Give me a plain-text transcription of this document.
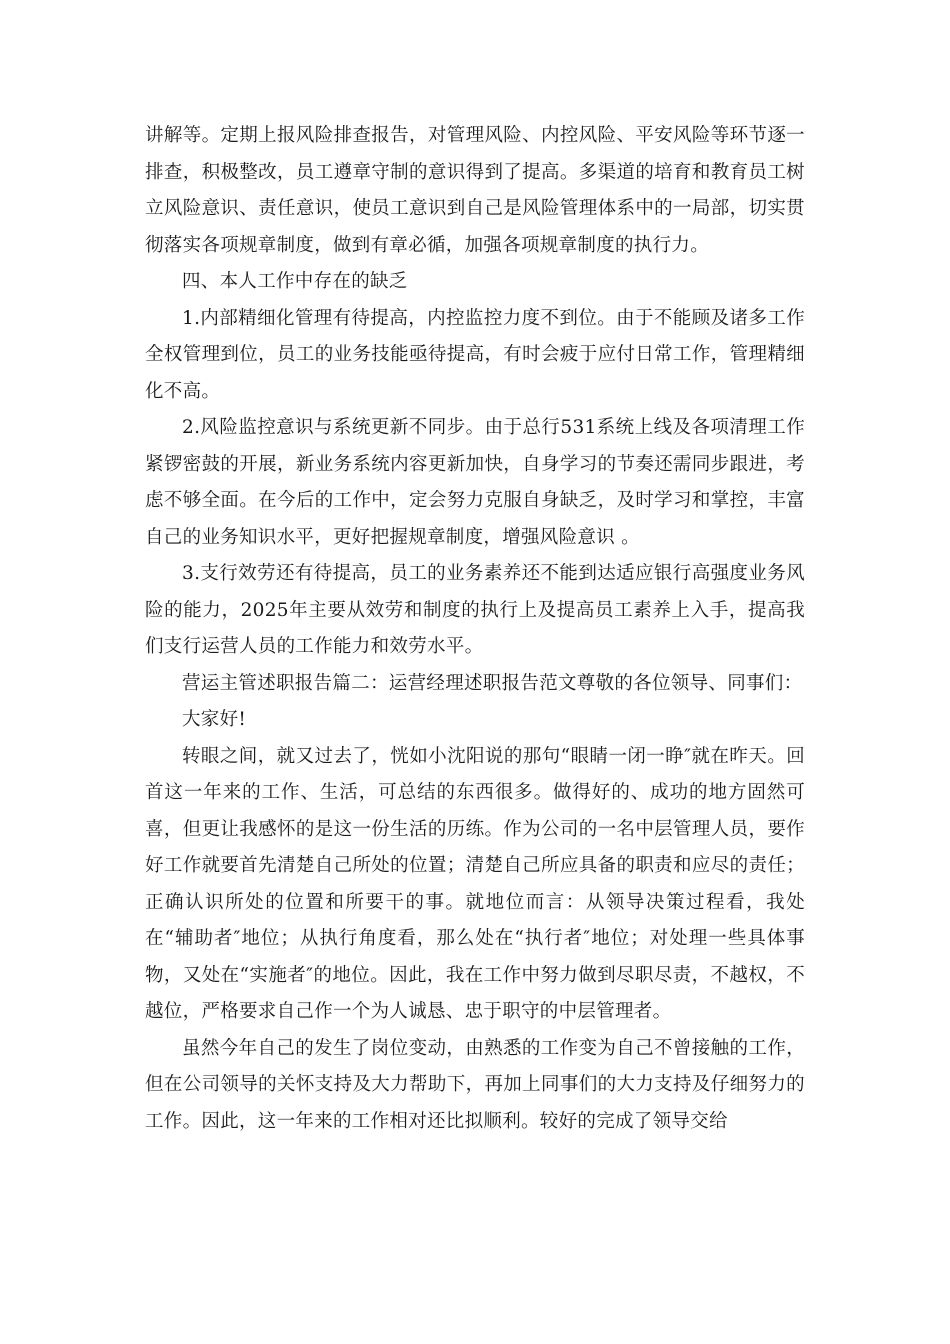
讲解等。定期上报风险排查报告，对管理风险、内控风险、平安风险等环节逐一排查，积极整改，员工遵章守制的意识得到了提高。多渠道的培育和教育员工树立风险意识、责任意识，使员工意识到自己是风险管理体系中的一局部，切实贯彻落实各项规章制度，做到有章必循，加强各项规章制度的执行力。

四、本人工作中存在的缺乏

1.内部精细化管理有待提高，内控监控力度不到位。由于不能顾及诸多工作全权管理到位，员工的业务技能亟待提高，有时会疲于应付日常工作，管理精细化不高。

2.风险监控意识与系统更新不同步。由于总行531系统上线及各项清理工作紧锣密鼓的开展，新业务系统内容更新加快，自身学习的节奏还需同步跟进，考虑不够全面。在今后的工作中，定会努力克服自身缺乏，及时学习和掌控，丰富自己的业务知识水平，更好把握规章制度，增强风险意识 。

3.支行效劳还有待提高，员工的业务素养还不能到达适应银行高强度业务风险的能力，2025年主要从效劳和制度的执行上及提高员工素养上入手，提高我们支行运营人员的工作能力和效劳水平。

营运主管述职报告篇二：运营经理述职报告范文尊敬的各位领导、同事们：

大家好!

转眼之间，就又过去了，恍如小沈阳说的那句“眼睛一闭一睁″就在昨天。回首这一年来的工作、生活，可总结的东西很多。做得好的、成功的地方固然可喜，但更让我感怀的是这一份生活的历练。作为公司的一名中层管理人员，要作好工作就要首先清楚自己所处的位置；清楚自己所应具备的职责和应尽的责任；正确认识所处的位置和所要干的事。就地位而言：从领导决策过程看，我处在“辅助者″地位；从执行角度看，那么处在“执行者″地位；对处理一些具体事物，又处在“实施者″的地位。因此，我在工作中努力做到尽职尽责，不越权，不越位，严格要求自己作一个为人诚恳、忠于职守的中层管理者。

虽然今年自己的发生了岗位变动，由熟悉的工作变为自己不曾接触的工作，但在公司领导的关怀支持及大力帮助下，再加上同事们的大力支持及仔细努力的工作。因此，这一年来的工作相对还比拟顺利。较好的完成了领导交给
